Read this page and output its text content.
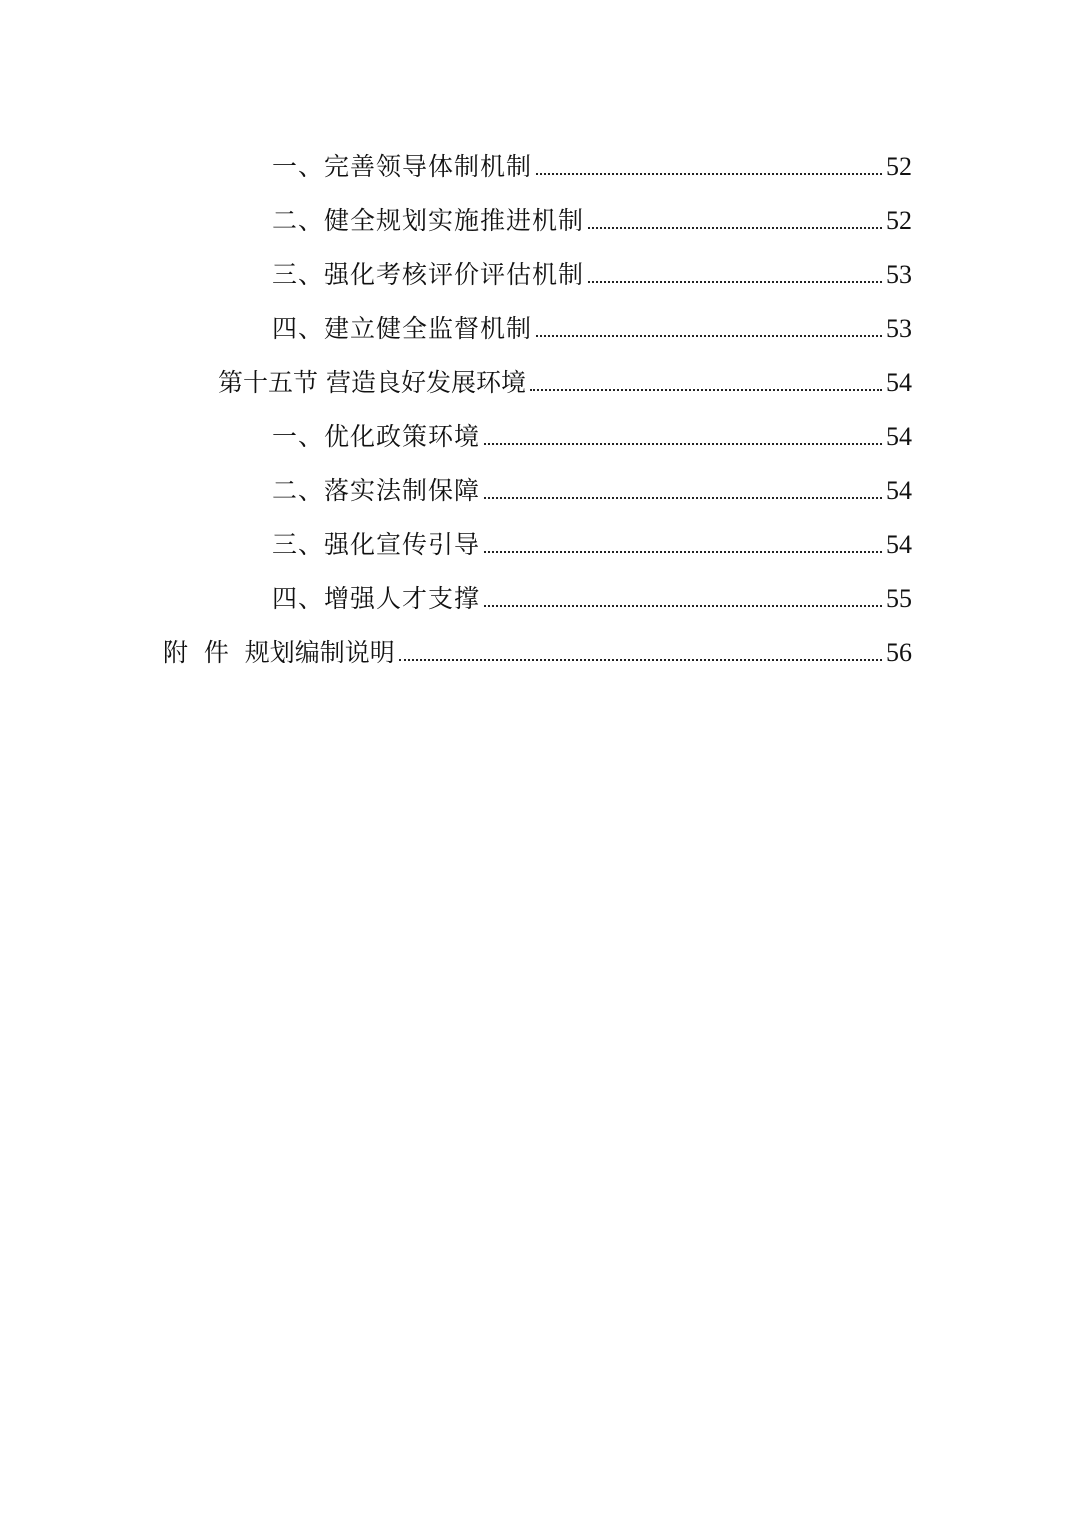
一、完善领导体制机制	52
二、健全规划实施推进机制	52
三、强化考核评价评估机制	53
四、建立健全监督机制	53
第十五节 营造良好发展环境	54
一、优化政策环境	54
二、落实法制保障	54
三、强化宣传引导	54
四、增强人才支撑	55
附  件  规划编制说明	56
